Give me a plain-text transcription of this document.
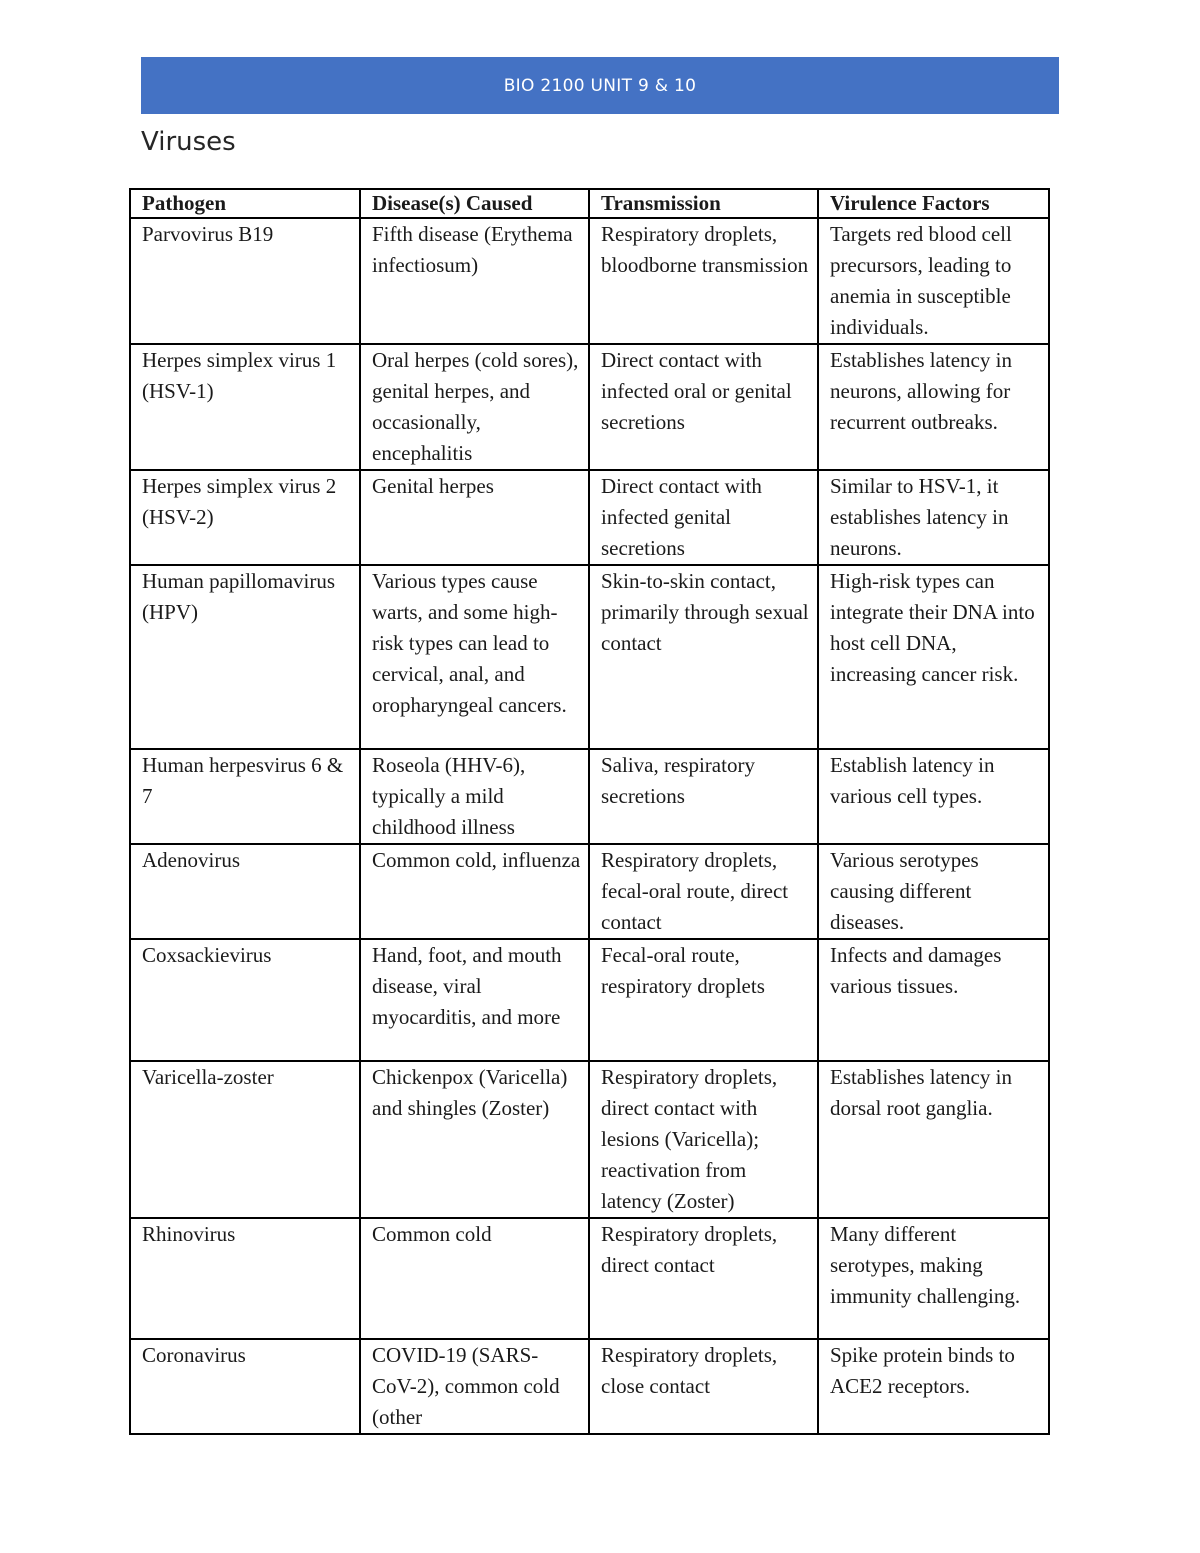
BIO 2100 UNIT 9 & 10
Viruses
Pathogen	Disease(s) Caused	Transmission	Virulence Factors
Parvovirus B19	Fifth disease (Erythema infectiosum)	Respiratory droplets, bloodborne transmission	Targets red blood cell precursors, leading to anemia in susceptible individuals.
Herpes simplex virus 1 (HSV-1)	Oral herpes (cold sores), genital herpes, and occasionally, encephalitis	Direct contact with infected oral or genital secretions	Establishes latency in neurons, allowing for recurrent outbreaks.
Herpes simplex virus 2 (HSV-2)	Genital herpes	Direct contact with infected genital secretions	Similar to HSV-1, it establishes latency in neurons.
Human papillomavirus (HPV)	Various types cause warts, and some high-risk types can lead to cervical, anal, and oropharyngeal cancers.	Skin-to-skin contact, primarily through sexual contact	High-risk types can integrate their DNA into host cell DNA, increasing cancer risk.
Human herpesvirus 6 & 7	Roseola (HHV-6), typically a mild childhood illness	Saliva, respiratory secretions	Establish latency in various cell types.
Adenovirus	Common cold, influenza	Respiratory droplets, fecal-oral route, direct contact	Various serotypes causing different diseases.
Coxsackievirus	Hand, foot, and mouth disease, viral myocarditis, and more	Fecal-oral route, respiratory droplets	Infects and damages various tissues.
Varicella-zoster	Chickenpox (Varicella) and shingles (Zoster)	Respiratory droplets, direct contact with lesions (Varicella); reactivation from latency (Zoster)	Establishes latency in dorsal root ganglia.
Rhinovirus	Common cold	Respiratory droplets, direct contact	Many different serotypes, making immunity challenging.
Coronavirus	COVID-19 (SARS-CoV-2), common cold (other	Respiratory droplets, close contact	Spike protein binds to ACE2 receptors.
